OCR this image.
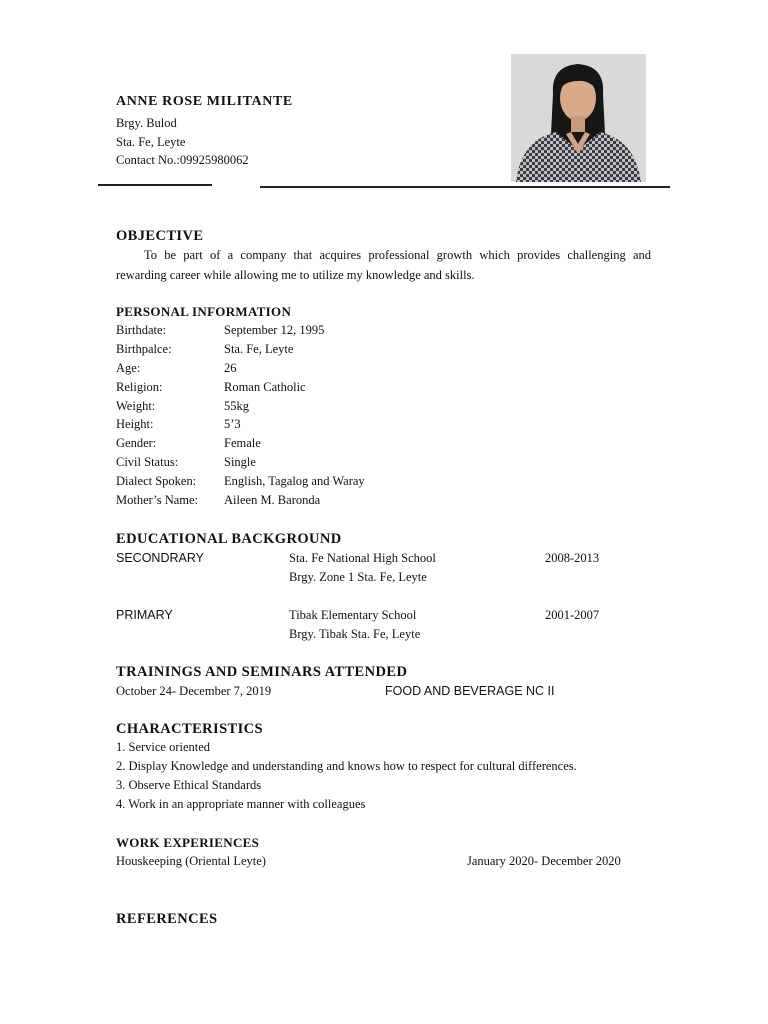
ANNE ROSE MILITANTE
Brgy. Bulod
Sta. Fe, Leyte
Contact No.:09925980062
OBJECTIVE
To be part of a company that acquires professional growth which provides challenging and rewarding career while allowing me to utilize my knowledge and skills.
PERSONAL INFORMATION
Birthdate:	September 12, 1995
Birthpalce:	Sta. Fe, Leyte
Age:	26
Religion:	Roman Catholic
Weight:	55kg
Height:	5’3
Gender:	Female
Civil Status:	Single
Dialect Spoken: English, Tagalog and Waray
Mother’s Name: Aileen M. Baronda
EDUCATIONAL BACKGROUND
SECONDRARY	Sta. Fe National High School	2008-2013
Brgy. Zone 1 Sta. Fe, Leyte
PRIMARY	Tibak Elementary School	2001-2007
Brgy. Tibak Sta. Fe, Leyte
TRAININGS AND SEMINARS ATTENDED
October 24- December 7, 2019	FOOD AND BEVERAGE NC II
CHARACTERISTICS
1. Service oriented
2. Display Knowledge and understanding and knows how to respect for cultural differences.
3. Observe Ethical Standards
4. Work in an appropriate manner with colleagues
WORK EXPERIENCES
Houskeeping (Oriental Leyte)	January 2020- December 2020
REFERENCES
